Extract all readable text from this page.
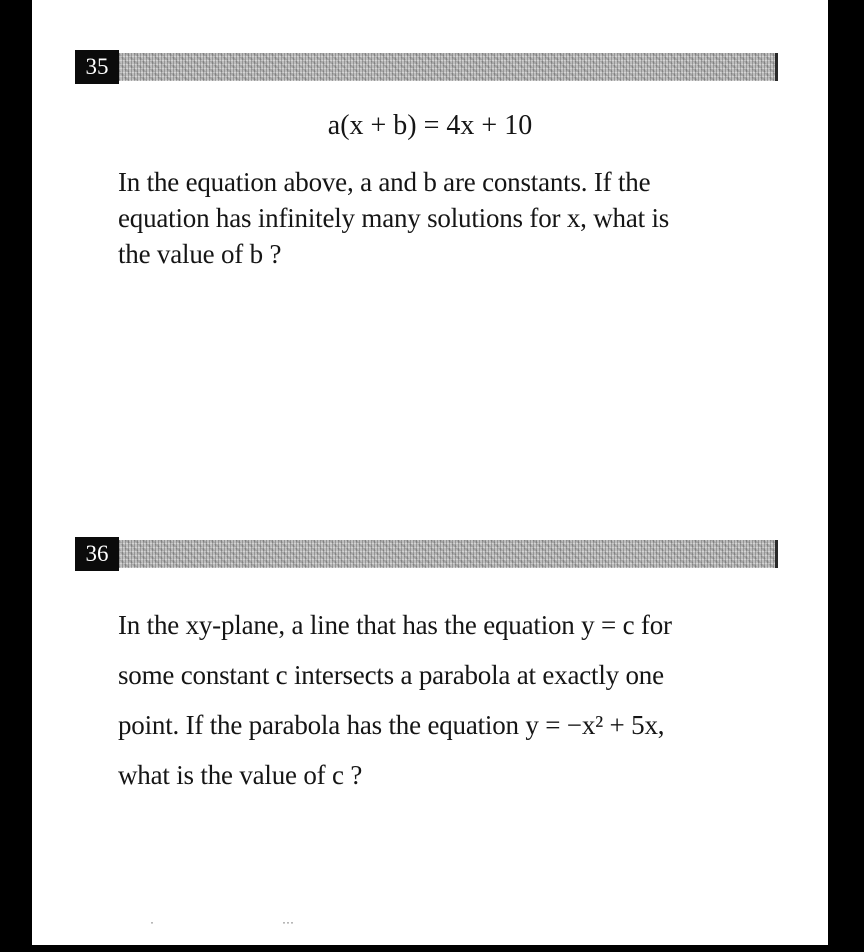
35
a(x + b) = 4x + 10
In the equation above, a and b are constants. If the
equation has infinitely many solutions for x, what is
the value of b ?
36
In the xy-plane, a line that has the equation y = c for
some constant c intersects a parabola at exactly one
point. If the parabola has the equation y = −x² + 5x,
what is the value of c ?
·	···
